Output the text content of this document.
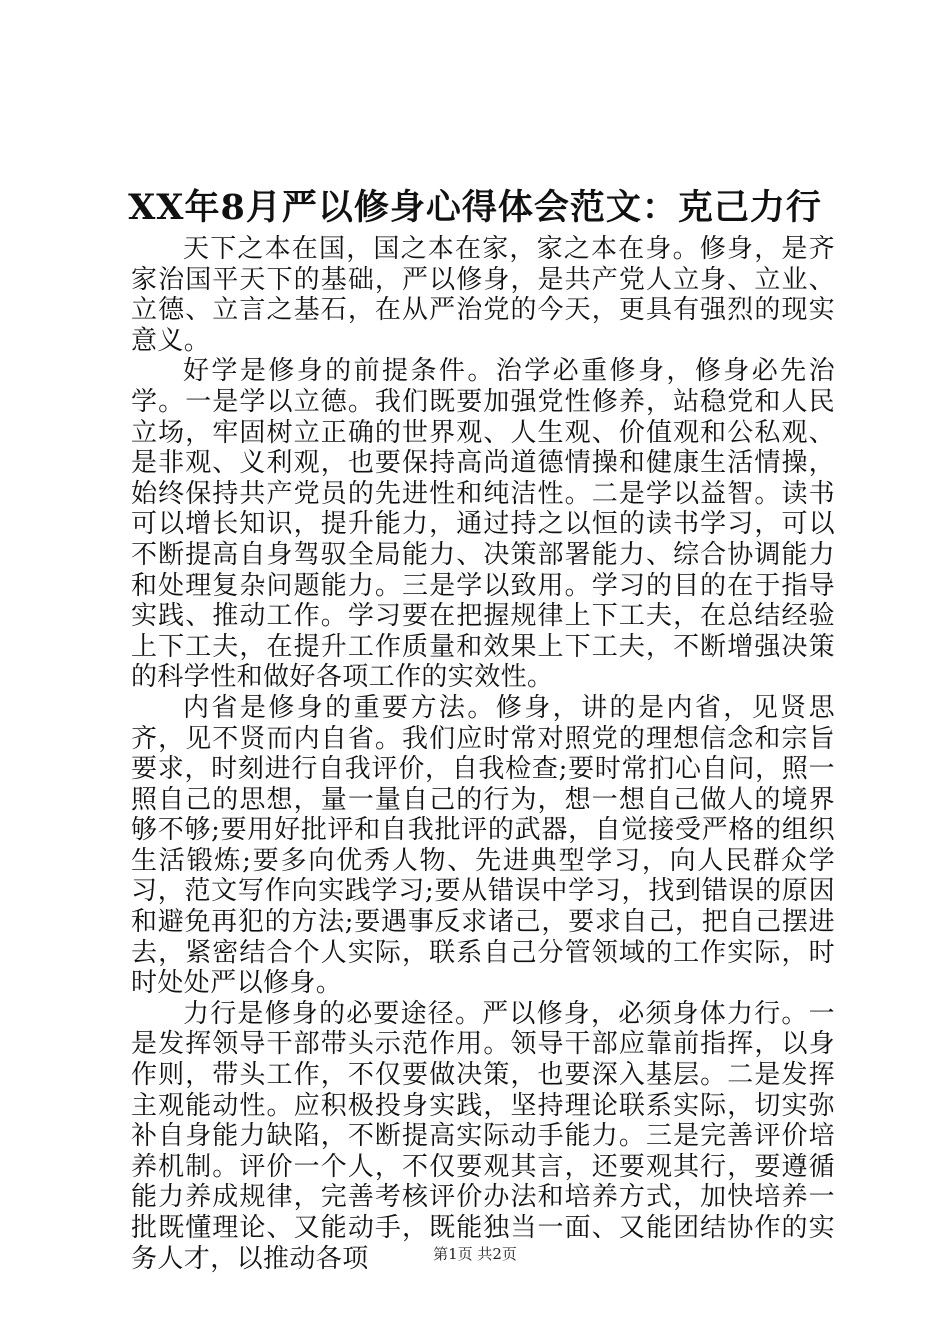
XX年8月严以修身心得体会范文：克己力行

天下之本在国，国之本在家，家之本在身。修身，是齐家治国平天下的基础，严以修身，是共产党人立身、立业、立德、立言之基石，在从严治党的今天，更具有强烈的现实意义。

好学是修身的前提条件。治学必重修身，修身必先治学。一是学以立德。我们既要加强党性修养，站稳党和人民立场，牢固树立正确的世界观、人生观、价值观和公私观、是非观、义利观，也要保持高尚道德情操和健康生活情操，始终保持共产党员的先进性和纯洁性。二是学以益智。读书可以增长知识，提升能力，通过持之以恒的读书学习，可以不断提高自身驾驭全局能力、决策部署能力、综合协调能力和处理复杂问题能力。三是学以致用。学习的目的在于指导实践、推动工作。学习要在把握规律上下工夫，在总结经验上下工夫，在提升工作质量和效果上下工夫，不断增强决策的科学性和做好各项工作的实效性。

内省是修身的重要方法。修身，讲的是内省，见贤思齐，见不贤而内自省。我们应时常对照党的理想信念和宗旨要求，时刻进行自我评价，自我检查;要时常扪心自问，照一照自己的思想，量一量自己的行为，想一想自己做人的境界够不够;要用好批评和自我批评的武器，自觉接受严格的组织生活锻炼;要多向优秀人物、先进典型学习，向人民群众学习，范文写作向实践学习;要从错误中学习，找到错误的原因和避免再犯的方法;要遇事反求诸己，要求自己，把自己摆进去，紧密结合个人实际，联系自己分管领域的工作实际，时时处处严以修身。

力行是修身的必要途径。严以修身，必须身体力行。一是发挥领导干部带头示范作用。领导干部应靠前指挥，以身作则，带头工作，不仅要做决策，也要深入基层。二是发挥主观能动性。应积极投身实践，坚持理论联系实际，切实弥补自身能力缺陷，不断提高实际动手能力。三是完善评价培养机制。评价一个人，不仅要观其言，还要观其行，要遵循能力养成规律，完善考核评价办法和培养方式，加快培养一批既懂理论、又能动手，既能独当一面、又能团结协作的实务人才，以推动各项	第1页 共2页
